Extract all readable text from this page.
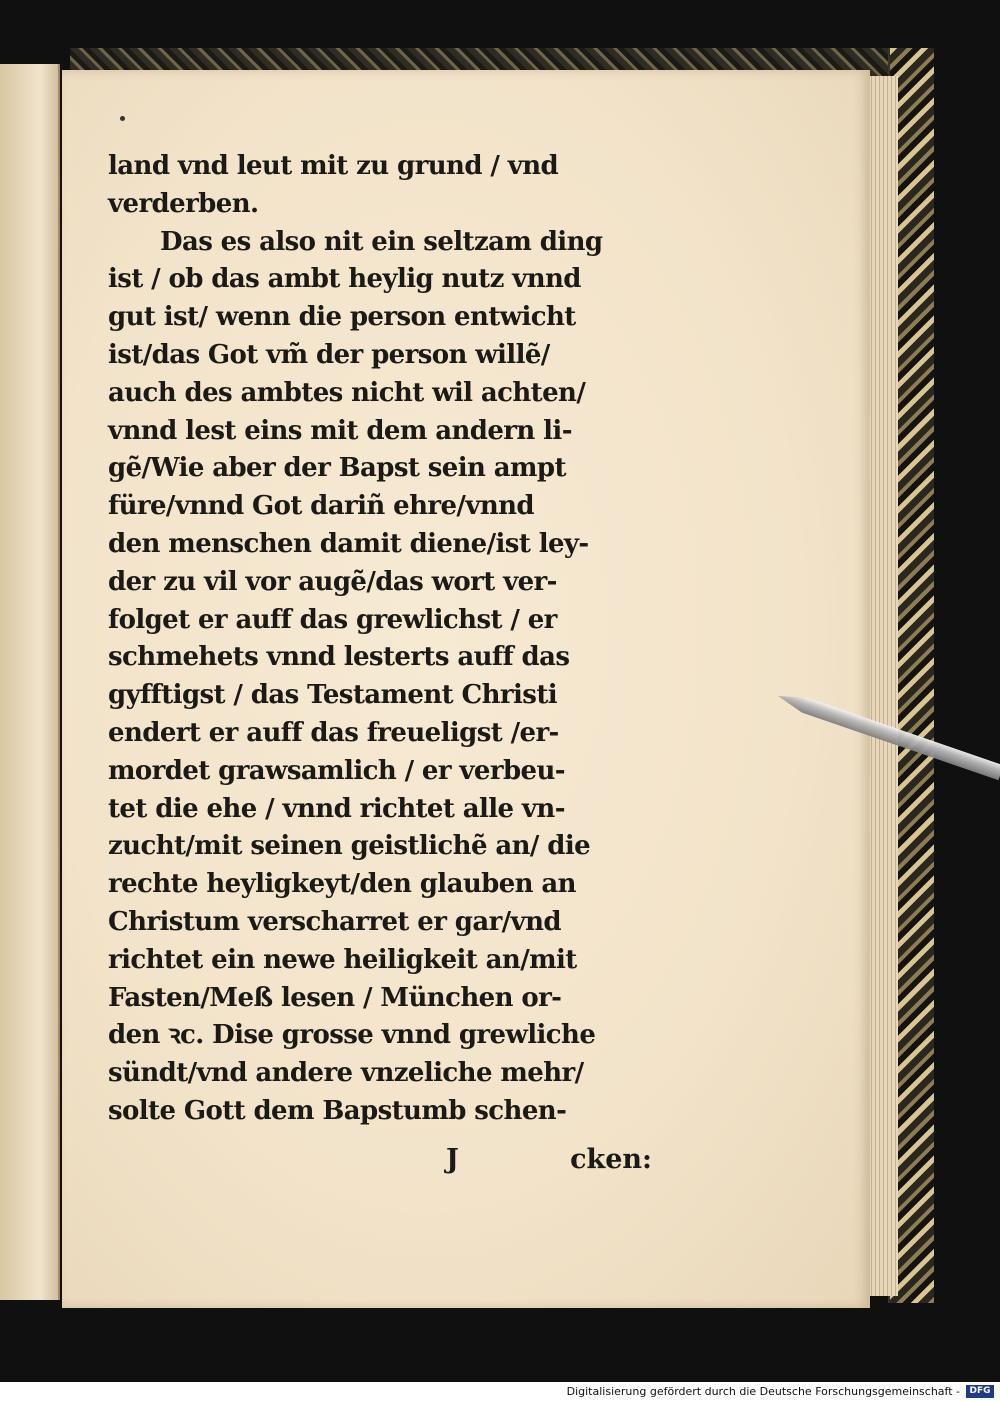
land vnd leut mit zu grund / vnd
verderben.
Das es also nit ein seltzam ding
ist / ob das ambt heylig nutz vnnd
gut ist/ wenn die person entwicht
ist/das Got vm̃ der person willẽ/
auch des ambtes nicht wil achten/
vnnd lest eins mit dem andern li-
gẽ/Wie aber der Bapst sein ampt
füre/vnnd Got dariñ ehre/vnnd
den menschen damit diene/ist ley-
der zu vil vor augẽ/das wort ver-
folget er auff das grewlichst / er
schmehets vnnd lesterts auff das
gyfftigst / das Testament Christi
endert er auff das freueligst /er-
mordet grawsamlich / er verbeu-
tet die ehe / vnnd richtet alle vn-
zucht/mit seinen geistlichẽ an/ die
rechte heyligkeyt/den glauben an
Christum verscharret er gar/vnd
richtet ein newe heiligkeit an/mit
Fasten/Meß lesen / München or-
den ꝛc. Dise grosse vnnd grewliche
sündt/vnd andere vnzeliche mehr/
solte Gott dem Bapstumb schen-
J	cken:
Digitalisierung gefördert durch die Deutsche Forschungsgemeinschaft -	DFG
